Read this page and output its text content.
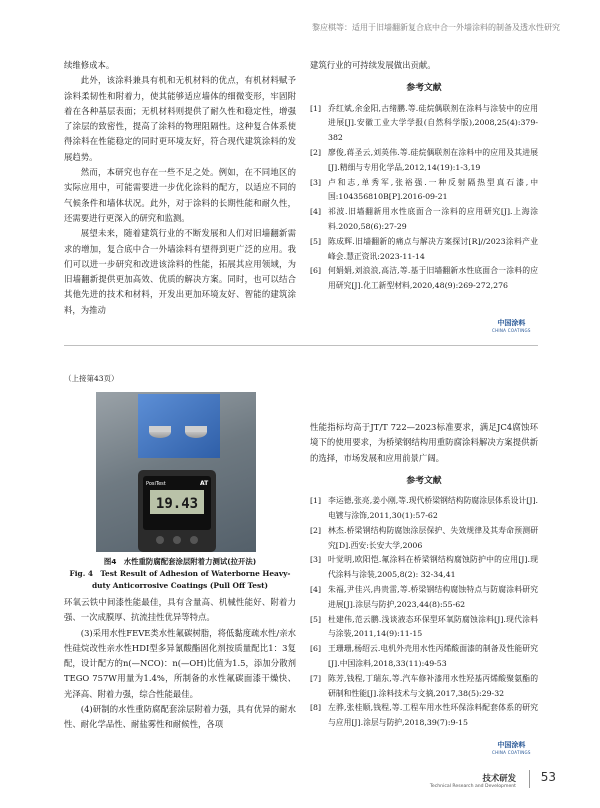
黎应棋等：适用于旧墙翻新复合底中合一外墙涂料的制备及透水性研究

续维修成本。

此外，该涂料兼具有机和无机材料的优点，有机材料赋予涂料柔韧性和附着力，使其能够适应墙体的细微变形，牢固附着在各种基层表面；无机材料则提供了耐久性和稳定性，增强了涂层的致密性，提高了涂料的物理阻隔性。这种复合体系使得涂料在性能稳定的同时更环境友好，符合现代建筑涂料的发展趋势。

然而，本研究也存在一些不足之处。例如，在不同地区的实际应用中，可能需要进一步优化涂料的配方，以适应不同的气候条件和墙体状况。此外，对于涂料的长期性能和耐久性，还需要进行更深入的研究和监测。

展望未来，随着建筑行业的不断发展和人们对旧墙翻新需求的增加，复合底中合一外墙涂料有望得到更广泛的应用。我们可以进一步研究和改进该涂料的性能，拓展其应用领域，为旧墙翻新提供更加高效、优质的解决方案。同时，也可以结合其他先进的技术和材料，开发出更加环境友好、智能的建筑涂料，为推动

建筑行业的可持续发展做出贡献。

参考文献
[1] 乔红斌,余金阳,古绪鹏.等.硅烷偶联剂在涂料与涂装中的应用进展[J].安徽工业大学学报(自然科学版),2008,25(4):379-382
[2] 廖俊,蒋圣云,刘英伟.等.硅烷偶联剂在涂料中的应用及其进展[J].精细与专用化学品,2012,14(19):1-3,19
[3] 卢和志,单秀军,张裕强.一种反射隔热型真石漆,中国:104356810B[P].2016-09-21
[4] 祁波.旧墙翻新用水性底面合一涂料的应用研究[J].上海涂料.2020,58(6):27-29
[5] 陈成辉.旧墙翻新的痛点与解决方案探讨[R]//2023涂料产业峰会.慧正资讯:2023-11-14
[6] 何娟娟,刘浪浪,高洁,等.基于旧墙翻新水性底面合一涂料的应用研究[J].化工新型材料,2020,48(9):269-272,276
中国涂料
CHINA COATINGS
（上接第43页）
19.43
PosiTest	AT
图4　水性重防腐配套涂层附着力测试(拉开法)
Fig. 4　Test Result of Adhesion of Waterborne Heavy-duty Anticorrosive Coatings (Pull Off Test)

环氧云铁中间漆性能最佳，具有含量高、机械性能好、附着力强、一次成膜厚、抗流挂性优异等特点。

(3)采用水性FEVE类水性氟碳树脂，将低黏度疏水性/亲水性硅烷改性亲水性HDI型多异氰酸酯固化剂按质量配比1：3复配，设计配方的n(—NCO)：n(—OH)比值为1.5，添加分散剂TEGO 757W用量为1.4%，所制备的水性氟碳面漆干燥快、光泽高、附着力强，综合性能最佳。

(4)研制的水性重防腐配套涂层附着力强，具有优异的耐水性、耐化学品性、耐盐雾性和耐候性，各项

性能指标均高于JT/T 722—2023标准要求，满足JC4腐蚀环境下的使用要求，为桥梁钢结构用重防腐涂料解决方案提供新的选择，市场发展和应用前景广阔。

参考文献
[1] 李运德,张亮,姜小刚,等.现代桥梁钢结构防腐涂层体系设计[J].电镀与涂饰,2011,30(1):57-62
[2] 林杰.桥梁钢结构防腐蚀涂层保护、失效规律及其寿命预测研究[D].西安:长安大学,2006
[3] 叶觉明,欧阳恺.氟涂料在桥梁钢结构腐蚀防护中的应用[J].现代涂料与涂装,2005,8(2): 32-34,41
[4] 朱福,尹佳兴,冉贵雷,等.桥梁钢结构腐蚀特点与防腐涂料研究进展[J].涂层与防护,2023,44(8):55-62
[5] 杜建伟,范云鹏.浅谈液态环保型环氧防腐蚀涂料[J].现代涂料与涂装,2011,14(9):11-15
[6] 王珊珊,杨绍云.电机外壳用水性丙烯酸面漆的制备及性能研究[J].中国涂料,2018,33(11):49-53
[7] 陈芳,钱程,丁瑞东,等.汽车修补漆用水性羟基丙烯酸聚氨酯的研制和性能[J].涂料技术与文摘,2017,38(5):29-32
[8] 左骅,张桂顺,钱程,等.工程车用水性环保涂料配套体系的研究与应用[J].涂层与防护,2018,39(7):9-15
中国涂料
CHINA COATINGS
技术研发
Technical Research and Development
53
